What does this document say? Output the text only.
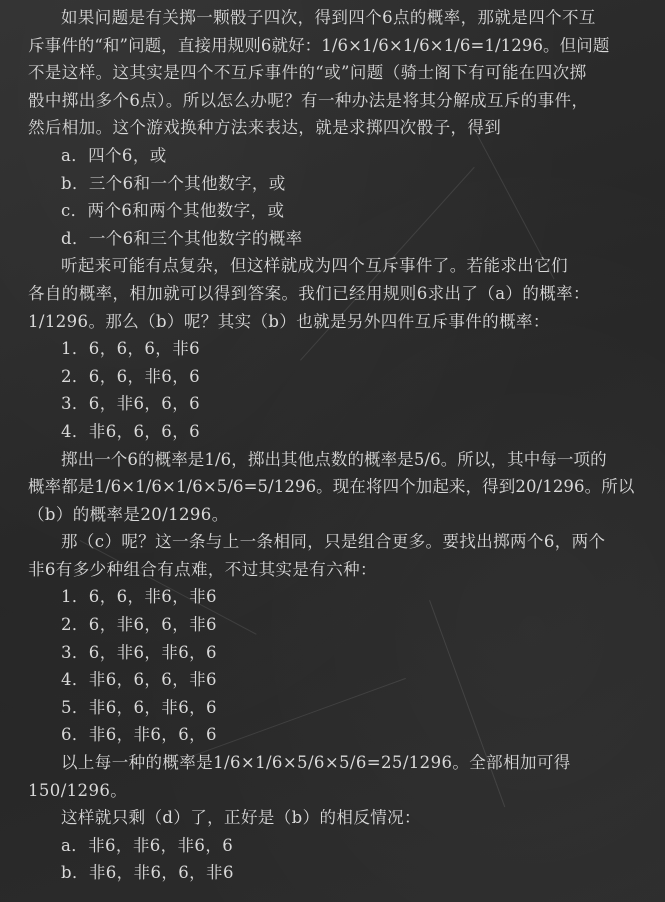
如果问题是有关掷一颗骰子四次，得到四个6点的概率，那就是四个不互
斥事件的“和”问题，直接用规则6就好：1/6×1/6×1/6×1/6=1/1296。但问题
不是这样。这其实是四个不互斥事件的“或”问题（骑士阁下有可能在四次掷
骰中掷出多个6点）。所以怎么办呢？有一种办法是将其分解成互斥的事件，
然后相加。这个游戏换种方法来表达，就是求掷四次骰子，得到
a．四个6，或
b．三个6和一个其他数字，或
c．两个6和两个其他数字，或
d．一个6和三个其他数字的概率
听起来可能有点复杂，但这样就成为四个互斥事件了。若能求出它们
各自的概率，相加就可以得到答案。我们已经用规则6求出了（a）的概率：
1/1296。那么（b）呢？其实（b）也就是另外四件互斥事件的概率：
1．6，6，6，非6
2．6，6，非6，6
3．6，非6，6，6
4．非6，6，6，6
掷出一个6的概率是1/6，掷出其他点数的概率是5/6。所以，其中每一项的
概率都是1/6×1/6×1/6×5/6=5/1296。现在将四个加起来，得到20/1296。所以
（b）的概率是20/1296。
那（c）呢？这一条与上一条相同，只是组合更多。要找出掷两个6，两个
非6有多少种组合有点难，不过其实是有六种：
1．6，6，非6，非6
2．6，非6，6，非6
3．6，非6，非6，6
4．非6，6，6，非6
5．非6，6，非6，6
6．非6，非6，6，6
以上每一种的概率是1/6×1/6×5/6×5/6=25/1296。全部相加可得
150/1296。
这样就只剩（d）了，正好是（b）的相反情况：
a．非6，非6，非6，6
b．非6，非6，6，非6
